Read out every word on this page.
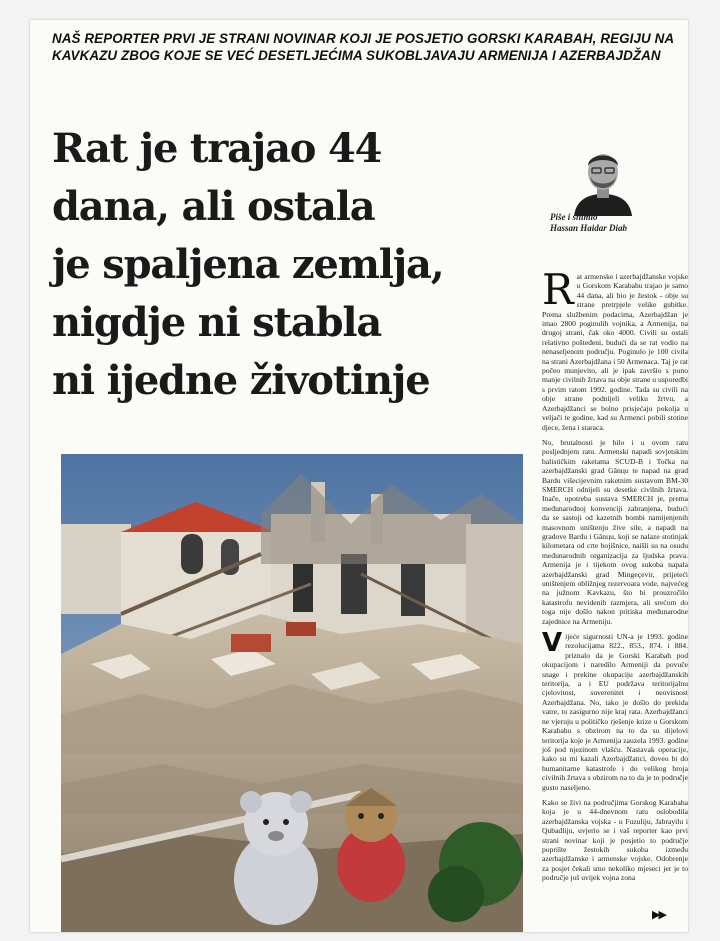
NAŠ REPORTER PRVI JE STRANI NOVINAR KOJI JE POSJETIO GORSKI KARABAH, REGIJU NA KAVKAZU ZBOG KOJE SE VEĆ DESETLJEĆIMA SUKOBLJAVAJU ARMENIJA I AZERBAJDŽAN
Rat je trajao 44
dana, ali ostala
je spaljena zemlja,
nigdje ni stabla
ni ijedne životinje
Piše i snimio
Hassan Haidar Diab

Rat armenske i azerbajdžanske vojske u Gorskom Karabahu trajao je samo 44 dana, ali bio je žestok - obje su strane pretrpjele velike gubitke. Prema službenim podacima, Azerbajdžan je imao 2800 poginulih vojnika, a Armenija, na drugoj strani, čak oko 4000. Civili su ostali relativno pošteđeni, budući da se rat vodio na nenaseljenom području. Poginulo je 100 civila na strani Azerbajdžana i 50 Armenaca. Taj je rat počeo munjevito, ali je ipak završio s puno manje civilnih žrtava na obje strane u usporedbi s prvim ratom 1992. godine. Tada su civili na obje strane podnijeli veliku žrtvu, a Azerbajdžanci se bolno prisjećaju pokolja u veljači te godine, kad su Armenci pobili stotine djece, žena i staraca.

No, brutalnosti je bilo i u ovom ratu posljednjem ratu. Armenski napadi sovjetskim balističkim raketama SCUD-B i Točka na azerbajdžanski grad Gănцu te napad na grad Bardu višecijevnim raketnim sustavom BM-30 SMERCH odnijeli su desetke civilnih žrtava. Inače, upotreba sustava SMERCH je, prema međunarodnoj konvenciji zabranjena, budući da se sastoji od kazetnih bombi namijenjenih masovnom uništenju žive sile, a napadi na gradove Bardu i Gănцu, koji se nalaze stotinjak kilometara od crte bojišnice, naišli su na osudu međunarodnih organizacija za ljudska prava. Armenija je i tijekom ovog sukoba napala azerbajdžanski grad Mingeçevir, prijeteći uništenjem obližnjeg rezervoara vode, najvećeg na južnom Kavkazu, što bi prouzročilo katastrofu nevidenih razmjera, ali srećom do toga nije došlo nakon pritiska međunarodne zajednice na Armeniju.

Vijeće sigurnosti UN-a je 1993. godine rezolucijama 822., 853., 874. i 884. priznalo da je Gorski Karabah pod okupacijom i naredilo Armeniji da povuče snage i prekine okupaciju azerbajdžanskih teritorija, a i EU podržava teritorijalnu cjelovitost, suverenitet i neovisnost Azerbajdžana. No, tako je došlo do prekida vatre, to zasigurno nije kraj rata. Azerbajdžanci ne vjeruju u političko rješenje krize u Gorskom Karabahu s obzirom na to da su dijelovi teritorija koje je Armenija zauzela 1993. godine još pod njezinom vlašću. Nastavak operacije, kako su mi kazali Azerbajdžanci, doveo bi do humanitarne katastrofe i do velikog broja civilnih žrtava s obzirom na to da je to područje gusto naseljeno.

Kako se živi na područjima Gorskog Karabaha koja je u 44-dnevnom ratu oslobodila azerbajdžanska vojska - u Fuzuliju, Jabrayilu i Qubadliju, uvjerio se i vaš reporter kao prvi strani novinar koji je posjetio to područje poprište žestokih sukoba između azerbajdžanske i armenske vojske. Odobrenje za posjet čekali smo nekoliko mjeseci jer je to područje još uvijek vojna zona

▶▶
